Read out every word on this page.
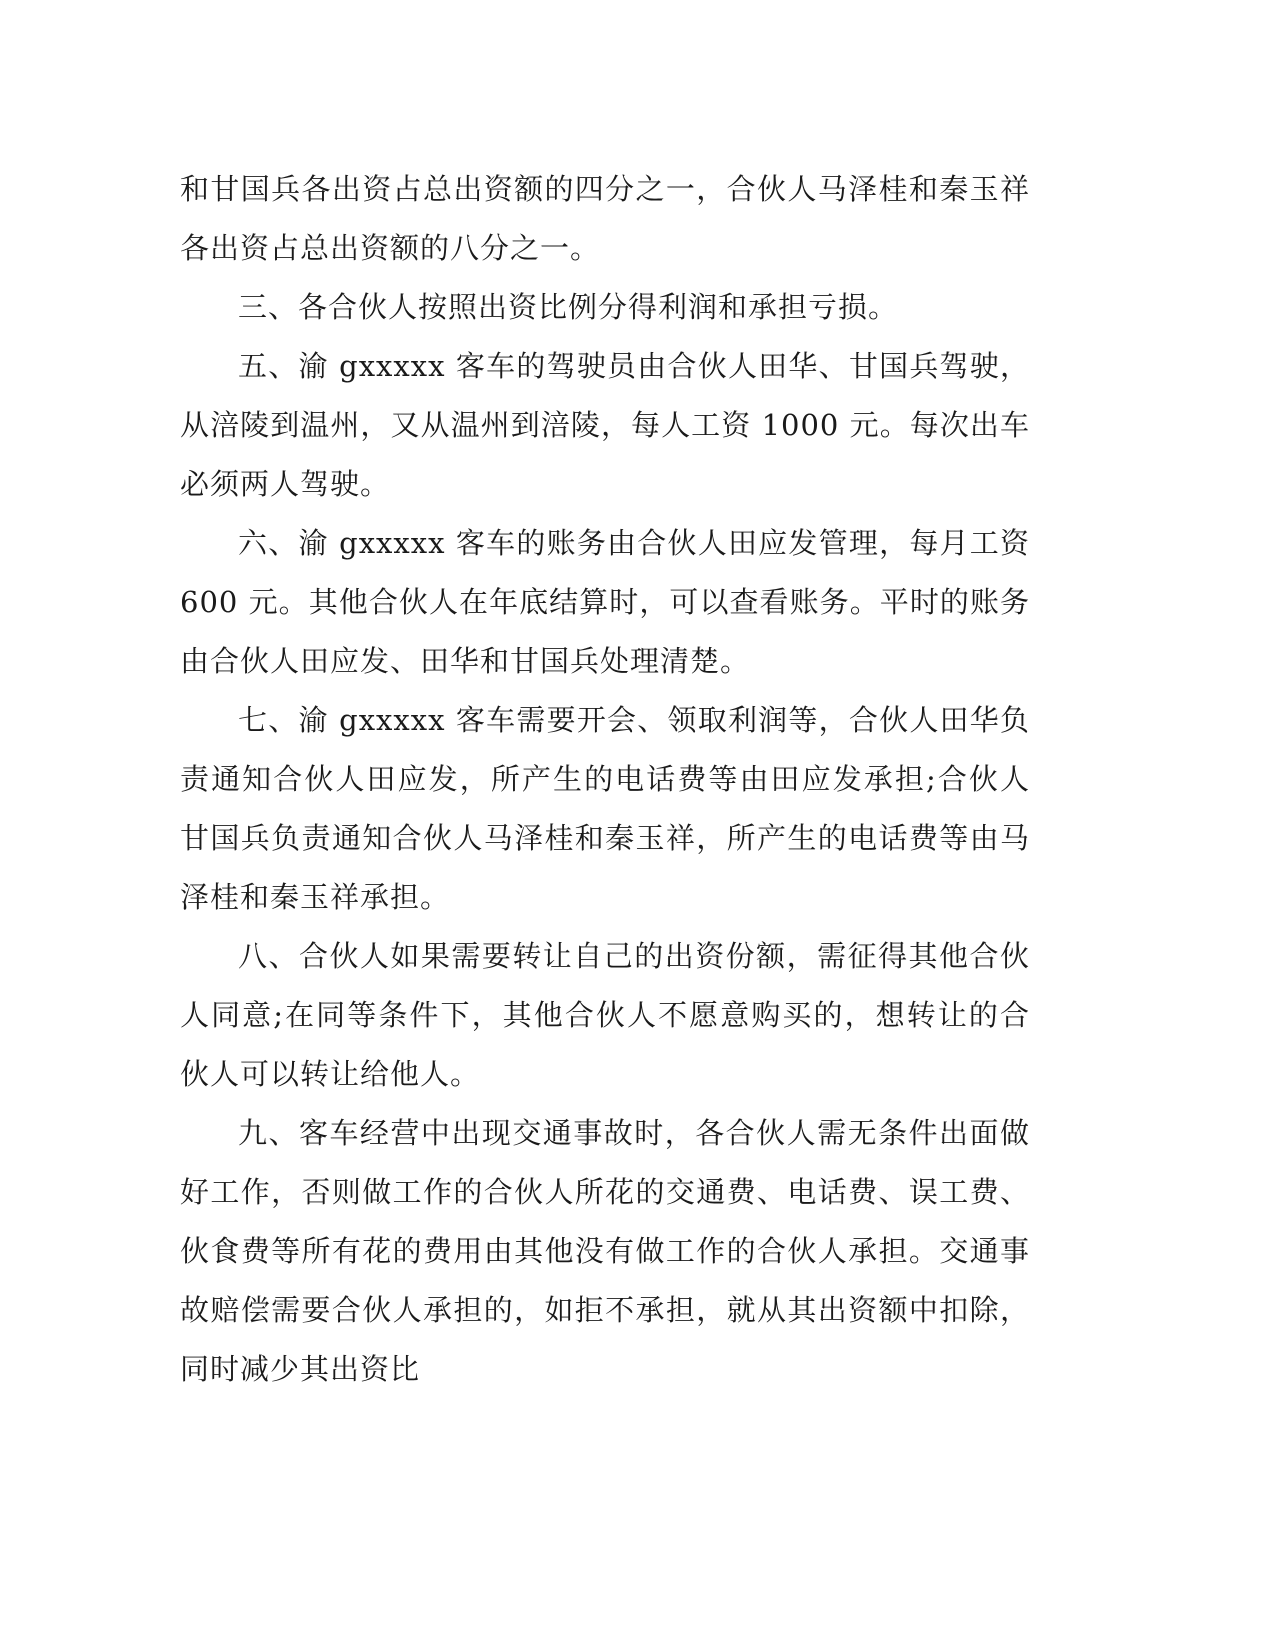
和甘国兵各出资占总出资额的四分之一，合伙人马泽桂和秦玉祥各出资占总出资额的八分之一。

三、各合伙人按照出资比例分得利润和承担亏损。

五、渝 gxxxxx 客车的驾驶员由合伙人田华、甘国兵驾驶，从涪陵到温州，又从温州到涪陵，每人工资 1000 元。每次出车必须两人驾驶。

六、渝 gxxxxx 客车的账务由合伙人田应发管理，每月工资 600 元。其他合伙人在年底结算时，可以查看账务。平时的账务由合伙人田应发、田华和甘国兵处理清楚。

七、渝 gxxxxx 客车需要开会、领取利润等，合伙人田华负责通知合伙人田应发，所产生的电话费等由田应发承担;合伙人甘国兵负责通知合伙人马泽桂和秦玉祥，所产生的电话费等由马泽桂和秦玉祥承担。

八、合伙人如果需要转让自己的出资份额，需征得其他合伙人同意;在同等条件下，其他合伙人不愿意购买的，想转让的合伙人可以转让给他人。

九、客车经营中出现交通事故时，各合伙人需无条件出面做好工作，否则做工作的合伙人所花的交通费、电话费、误工费、伙食费等所有花的费用由其他没有做工作的合伙人承担。交通事故赔偿需要合伙人承担的，如拒不承担，就从其出资额中扣除，同时减少其出资比
